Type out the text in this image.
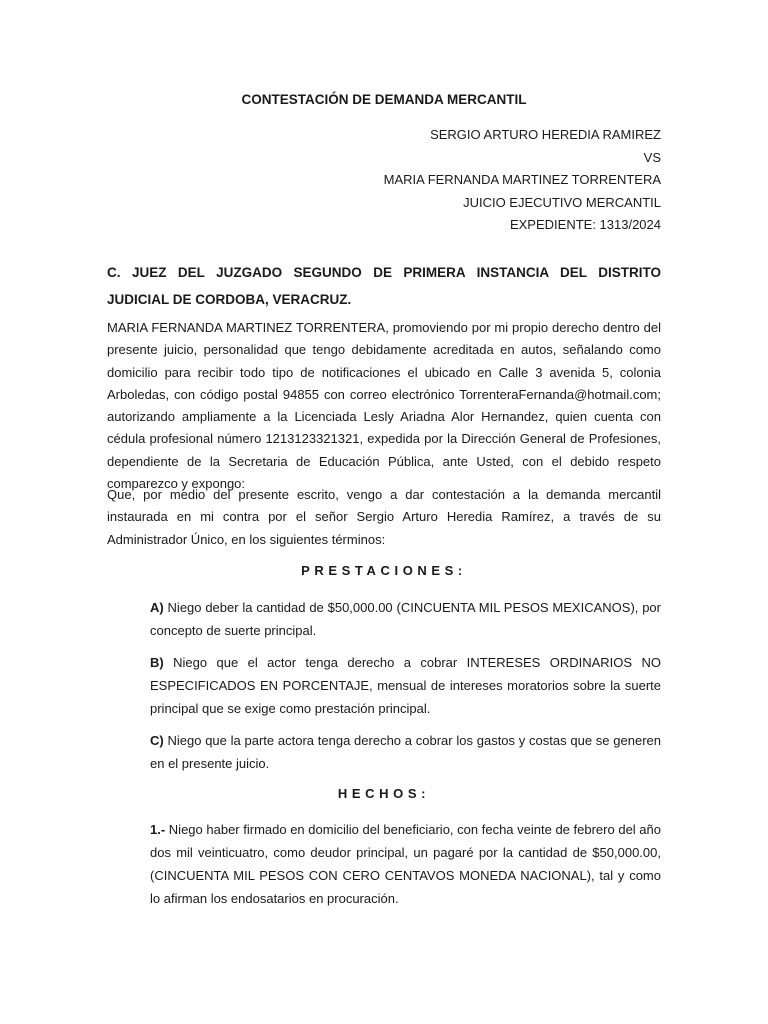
CONTESTACIÓN DE DEMANDA MERCANTIL
SERGIO ARTURO HEREDIA RAMIREZ
VS
MARIA FERNANDA MARTINEZ TORRENTERA
JUICIO EJECUTIVO MERCANTIL
EXPEDIENTE: 1313/2024
C. JUEZ DEL JUZGADO SEGUNDO DE PRIMERA INSTANCIA DEL DISTRITO
JUDICIAL DE CORDOBA, VERACRUZ.

MARIA FERNANDA MARTINEZ TORRENTERA, promoviendo por mi propio derecho dentro del presente juicio, personalidad que tengo debidamente acreditada en autos, señalando como domicilio para recibir todo tipo de notificaciones el ubicado en Calle 3 avenida 5, colonia Arboledas, con código postal 94855 con correo electrónico TorrenteraFernanda@hotmail.com; autorizando ampliamente a la Licenciada Lesly Ariadna Alor Hernandez, quien cuenta con cédula profesional número 1213123321321, expedida por la Dirección General de Profesiones, dependiente de la Secretaria de Educación Pública, ante Usted, con el debido respeto comparezco y expongo:

Que, por medio del presente escrito, vengo a dar contestación a la demanda mercantil instaurada en mi contra por el señor Sergio Arturo Heredia Ramírez, a través de su Administrador Único, en los siguientes términos:

PRESTACIONES:

A) Niego deber la cantidad de $50,000.00 (CINCUENTA MIL PESOS MEXICANOS), por concepto de suerte principal.

B) Niego que el actor tenga derecho a cobrar INTERESES ORDINARIOS NO ESPECIFICADOS EN PORCENTAJE, mensual de intereses moratorios sobre la suerte principal que se exige como prestación principal.

C) Niego que la parte actora tenga derecho a cobrar los gastos y costas que se generen en el presente juicio.

HECHOS:

1.- Niego haber firmado en domicilio del beneficiario, con fecha veinte de febrero del año dos mil veinticuatro, como deudor principal, un pagaré por la cantidad de $50,000.00, (CINCUENTA MIL PESOS CON CERO CENTAVOS MONEDA NACIONAL), tal y como lo afirman los endosatarios en procuración.
